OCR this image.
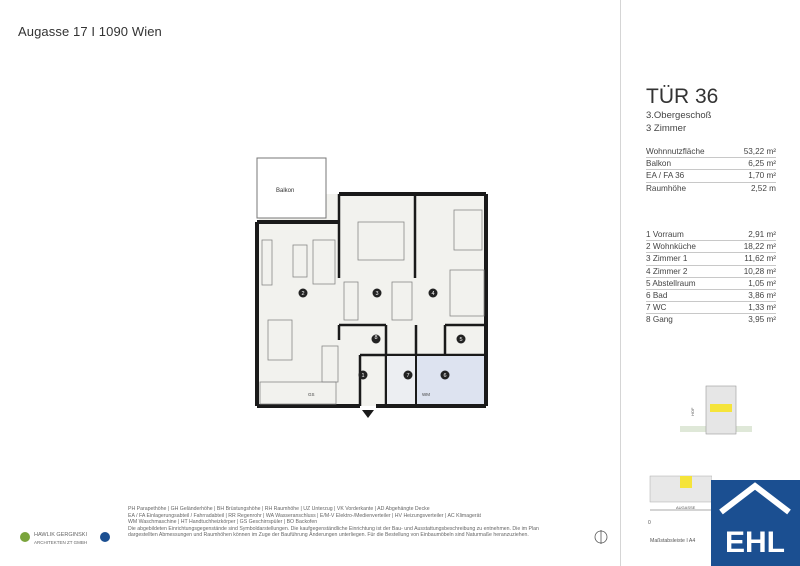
Augasse 17 I 1090 Wien
Balkon
1
2	3	4
5
6
7
8
GS	WM
TÜR 36
3.Obergeschoß
3 Zimmer
Wohnnutzfläche	53,22 m²
Balkon	6,25 m²
EA / FA 36	1,70 m²
Raumhöhe	2,52 m
1 Vorraum	2,91 m²
2 Wohnküche	18,22 m²
3 Zimmer 1	11,62 m²
4 Zimmer 2	10,28 m²
5 Abstellraum	1,05 m²
6 Bad	3,86 m²
7 WC	1,33 m²
8 Gang	3,95 m²
HOF
AUGASSE
0
Maßstabsleiste I A4
PH Parapethöhe | GH Geländerhöhe | BH Brüstungshöhe | RH Raumhöhe | UZ Unterzug | VK Vorderkante | AD Abgehängte Decke
EA / FA Einlagerungsabteil / Fahrradabteil | RR Regenrohr | WA Wasseranschluss | E/M-V Elektro-/Medienverteiler | HV Heizungsverteiler | AC Klimagerät
WM Waschmaschine | HT Handtuchheizkörper | GS Geschirrspüler | BO Backofen
Die abgebildeten Einrichtungsgegenstände sind Symboldarstellungen. Die kaufgegenständliche Einrichtung ist der Bau- und Ausstattungsbeschreibung zu entnehmen. Die im Plan
dargestellten Abmessungen und Raumhöhen können im Zuge der Bauführung Änderungen unterliegen. Für die Bestellung von Einbaumöbeln sind Naturmaße heranzuziehen.
HAWLIK GERGINSKI
ARCHITEKTEN ZT GMBH	EHL
